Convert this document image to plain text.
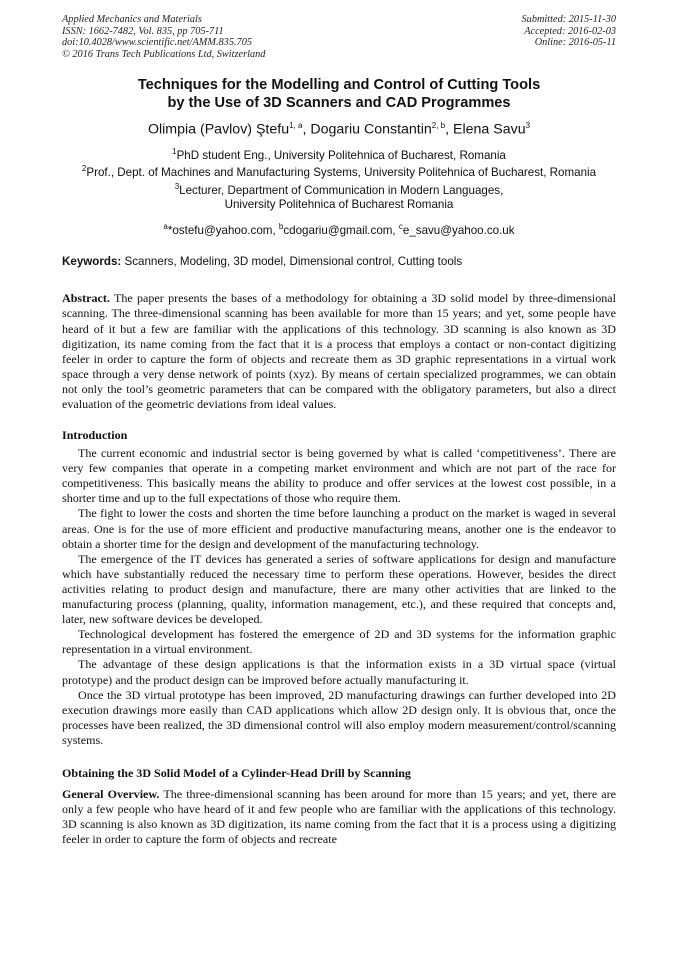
Applied Mechanics and Materials
ISSN: 1662-7482, Vol. 835, pp 705-711
doi:10.4028/www.scientific.net/AMM.835.705
© 2016 Trans Tech Publications Ltd, Switzerland
Submitted: 2015-11-30
Accepted: 2016-02-03
Online: 2016-05-11
Techniques for the Modelling and Control of Cutting Tools
by the Use of 3D Scanners and CAD Programmes
Olimpia (Pavlov) Ştefu$^{1, a}$, Dogariu Constantin$^{2, b}$, Elena Savu$^3$
$^1$PhD student Eng., University Politehnica of Bucharest, Romania
$^2$Prof., Dept. of Machines and Manufacturing Systems, University Politehnica of Bucharest, Romania
$^3$Lecturer, Department of Communication in Modern Languages,
University Politehnica of Bucharest Romania
$^a$*ostefu@yahoo.com, $^b$cdogariu@gmail.com, $^c$e_savu@yahoo.co.uk
Keywords: Scanners, Modeling, 3D model, Dimensional control, Cutting tools
Abstract. The paper presents the bases of a methodology for obtaining a 3D solid model by three-dimensional scanning. The three-dimensional scanning has been available for more than 15 years; and yet, some people have heard of it but a few are familiar with the applications of this technology. 3D scanning is also known as 3D digitization, its name coming from the fact that it is a process that employs a contact or non-contact digitizing feeler in order to capture the form of objects and recreate them as 3D graphic representations in a virtual work space through a very dense network of points (xyz). By means of certain specialized programmes, we can obtain not only the tool’s geometric parameters that can be compared with the obligatory parameters, but also a direct evaluation of the geometric deviations from ideal values.
Introduction

The current economic and industrial sector is being governed by what is called ‘competitiveness’. There are very few companies that operate in a competing market environment and which are not part of the race for competitiveness. This basically means the ability to produce and offer services at the lowest cost possible, in a shorter time and up to the full expectations of those who require them.

The fight to lower the costs and shorten the time before launching a product on the market is waged in several areas. One is for the use of more efficient and productive manufacturing means, another one is the endeavor to obtain a shorter time for the design and development of the manufacturing technology.

The emergence of the IT devices has generated a series of software applications for design and manufacture which have substantially reduced the necessary time to perform these operations. However, besides the direct activities relating to product design and manufacture, there are many other activities that are linked to the manufacturing process (planning, quality, information management, etc.), and these required that concepts and, later, new software devices be developed.

Technological development has fostered the emergence of 2D and 3D systems for the information graphic representation in a virtual environment.

The advantage of these design applications is that the information exists in a 3D virtual space (virtual prototype) and the product design can be improved before actually manufacturing it.

Once the 3D virtual prototype has been improved, 2D manufacturing drawings can further developed into 2D execution drawings more easily than CAD applications which allow 2D design only. It is obvious that, once the processes have been realized, the 3D dimensional control will also employ modern measurement/control/scanning systems.

Obtaining the 3D Solid Model of a Cylinder-Head Drill by Scanning

General Overview. The three-dimensional scanning has been around for more than 15 years; and yet, there are only a few people who have heard of it and few people who are familiar with the applications of this technology. 3D scanning is also known as 3D digitization, its name coming from the fact that it is a process using a digitizing feeler in order to capture the form of objects and recreate
